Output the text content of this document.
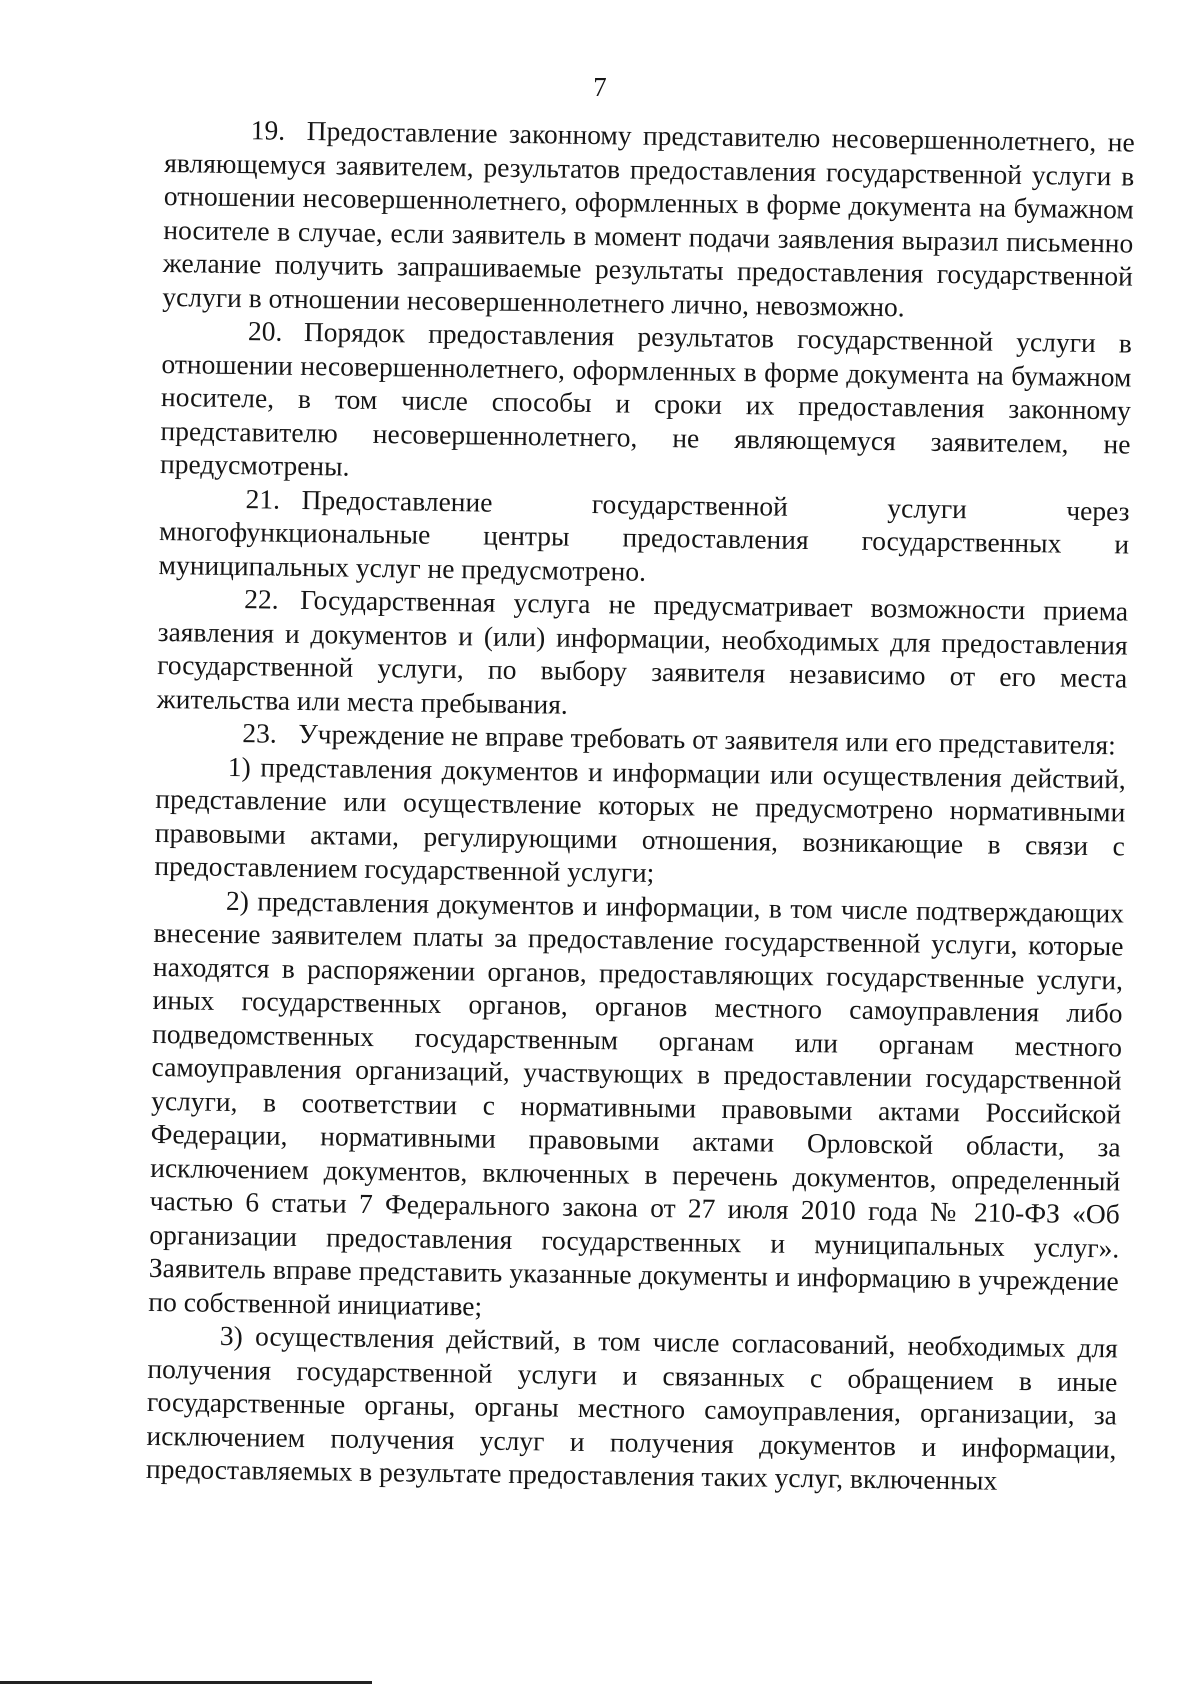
7

19. Предоставление законному представителю несовершеннолетнего, не являющемуся заявителем, результатов предоставления государственной услуги в отношении несовершеннолетнего, оформленных в форме документа на бумажном носителе в случае, если заявитель в момент подачи заявления выразил письменно желание получить запрашиваемые результаты предоставления государственной услуги в отношении несовершеннолетнего лично, невозможно.

20. Порядок предоставления результатов государственной услуги в отношении несовершеннолетнего, оформленных в форме документа на бумажном носителе, в том числе способы и сроки их предоставления законному представителю несовершеннолетнего, не являющемуся заявителем, не предусмотрены.

21. Предоставление государственной услуги через многофункциональные центры предоставления государственных и муниципальных услуг не предусмотрено.

22. Государственная услуга не предусматривает возможности приема заявления и документов и (или) информации, необходимых для предоставления государственной услуги, по выбору заявителя независимо от его места жительства или места пребывания.

23. Учреждение не вправе требовать от заявителя или его представителя:

1) представления документов и информации или осуществления действий, представление или осуществление которых не предусмотрено нормативными правовыми актами, регулирующими отношения, возникающие в связи с предоставлением государственной услуги;

2) представления документов и информации, в том числе подтверждающих внесение заявителем платы за предоставление государственной услуги, которые находятся в распоряжении органов, предоставляющих государственные услуги, иных государственных органов, органов местного самоуправления либо подведомственных государственным органам или органам местного самоуправления организаций, участвующих в предоставлении государственной услуги, в соответствии с нормативными правовыми актами Российской Федерации, нормативными правовыми актами Орловской области, за исключением документов, включенных в перечень документов, определенный частью 6 статьи 7 Федерального закона от 27 июля 2010 года № 210-ФЗ «Об организации предоставления государственных и муниципальных услуг». Заявитель вправе представить указанные документы и информацию в учреждение по собственной инициативе;

3) осуществления действий, в том числе согласований, необходимых для получения государственной услуги и связанных с обращением в иные государственные органы, органы местного самоуправления, организации, за исключением получения услуг и получения документов и информации, предоставляемых в результате предоставления таких услуг, включенных
